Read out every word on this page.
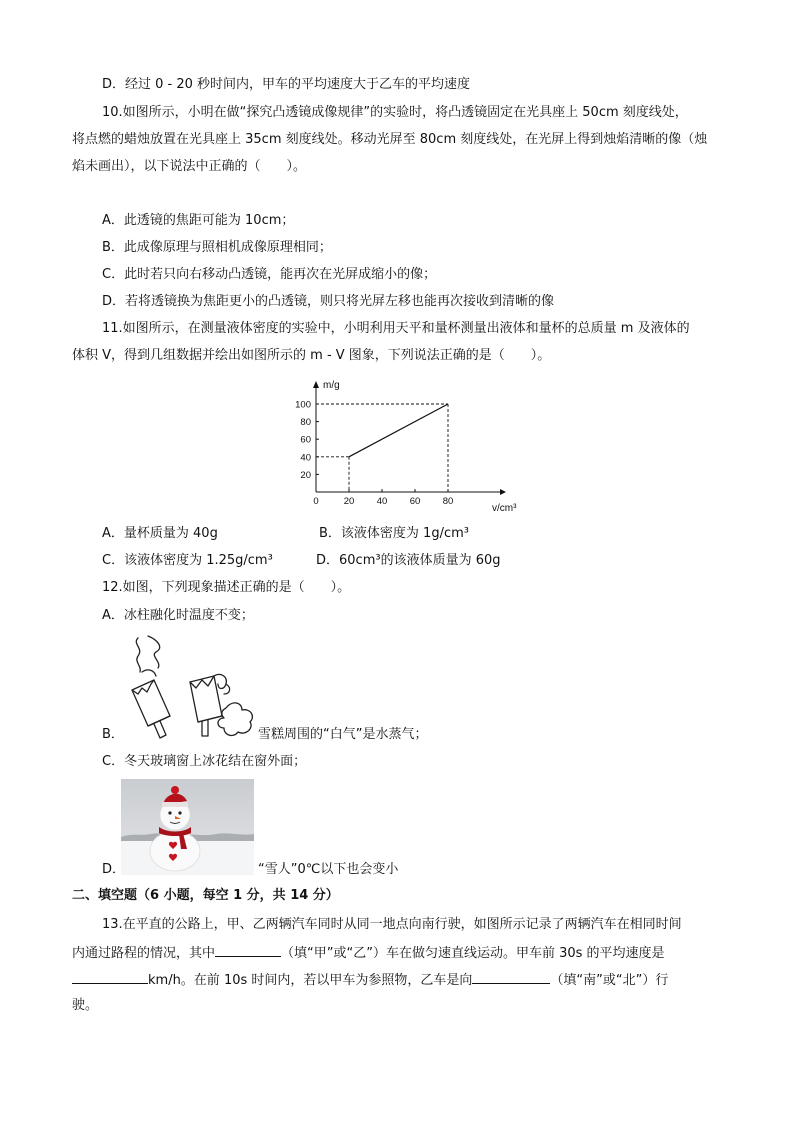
D．经过 0 - 20 秒时间内，甲车的平均速度大于乙车的平均速度
10.如图所示，小明在做“探究凸透镜成像规律”的实验时，将凸透镜固定在光具座上 50cm 刻度线处，
将点燃的蜡烛放置在光具座上 35cm 刻度线处。移动光屏至 80cm 刻度线处，在光屏上得到烛焰清晰的像（烛
焰未画出），以下说法中正确的（　　）。
A．此透镜的焦距可能为 10cm；
B．此成像原理与照相机成像原理相同；
C．此时若只向右移动凸透镜，能再次在光屏成缩小的像；
D．若将透镜换为焦距更小的凸透镜，则只将光屏左移也能再次接收到清晰的像
11.如图所示，在测量液体密度的实验中，小明利用天平和量杯测量出液体和量杯的总质量 m 及液体的
体积 V，得到几组数据并绘出如图所示的 m - V 图象，下列说法正确的是（　　）。
m/g
v/cm³
0	20 40 60 80
20
40
60
80
100
A．量杯质量为 40g	B．该液体密度为 1g/cm³
C．该液体密度为 1.25g/cm³	D．60cm³的该液体质量为 60g
12.如图，下列现象描述正确的是（　　）。
A．冰柱融化时温度不变；
B．	雪糕周围的“白气”是水蒸气；
C．冬天玻璃窗上冰花结在窗外面；
D．	“雪人”0℃以下也会变小
二、填空题（6 小题，每空 1 分，共 14 分）
13.在平直的公路上，甲、乙两辆汽车同时从同一地点向南行驶，如图所示记录了两辆汽车在相同时间
内通过路程的情况，其中	（填“甲”或“乙”）车在做匀速直线运动。甲车前 30s 的平均速度是
km/h。在前 10s 时间内，若以甲车为参照物，乙车是向	（填“南”或“北”）行
驶。
